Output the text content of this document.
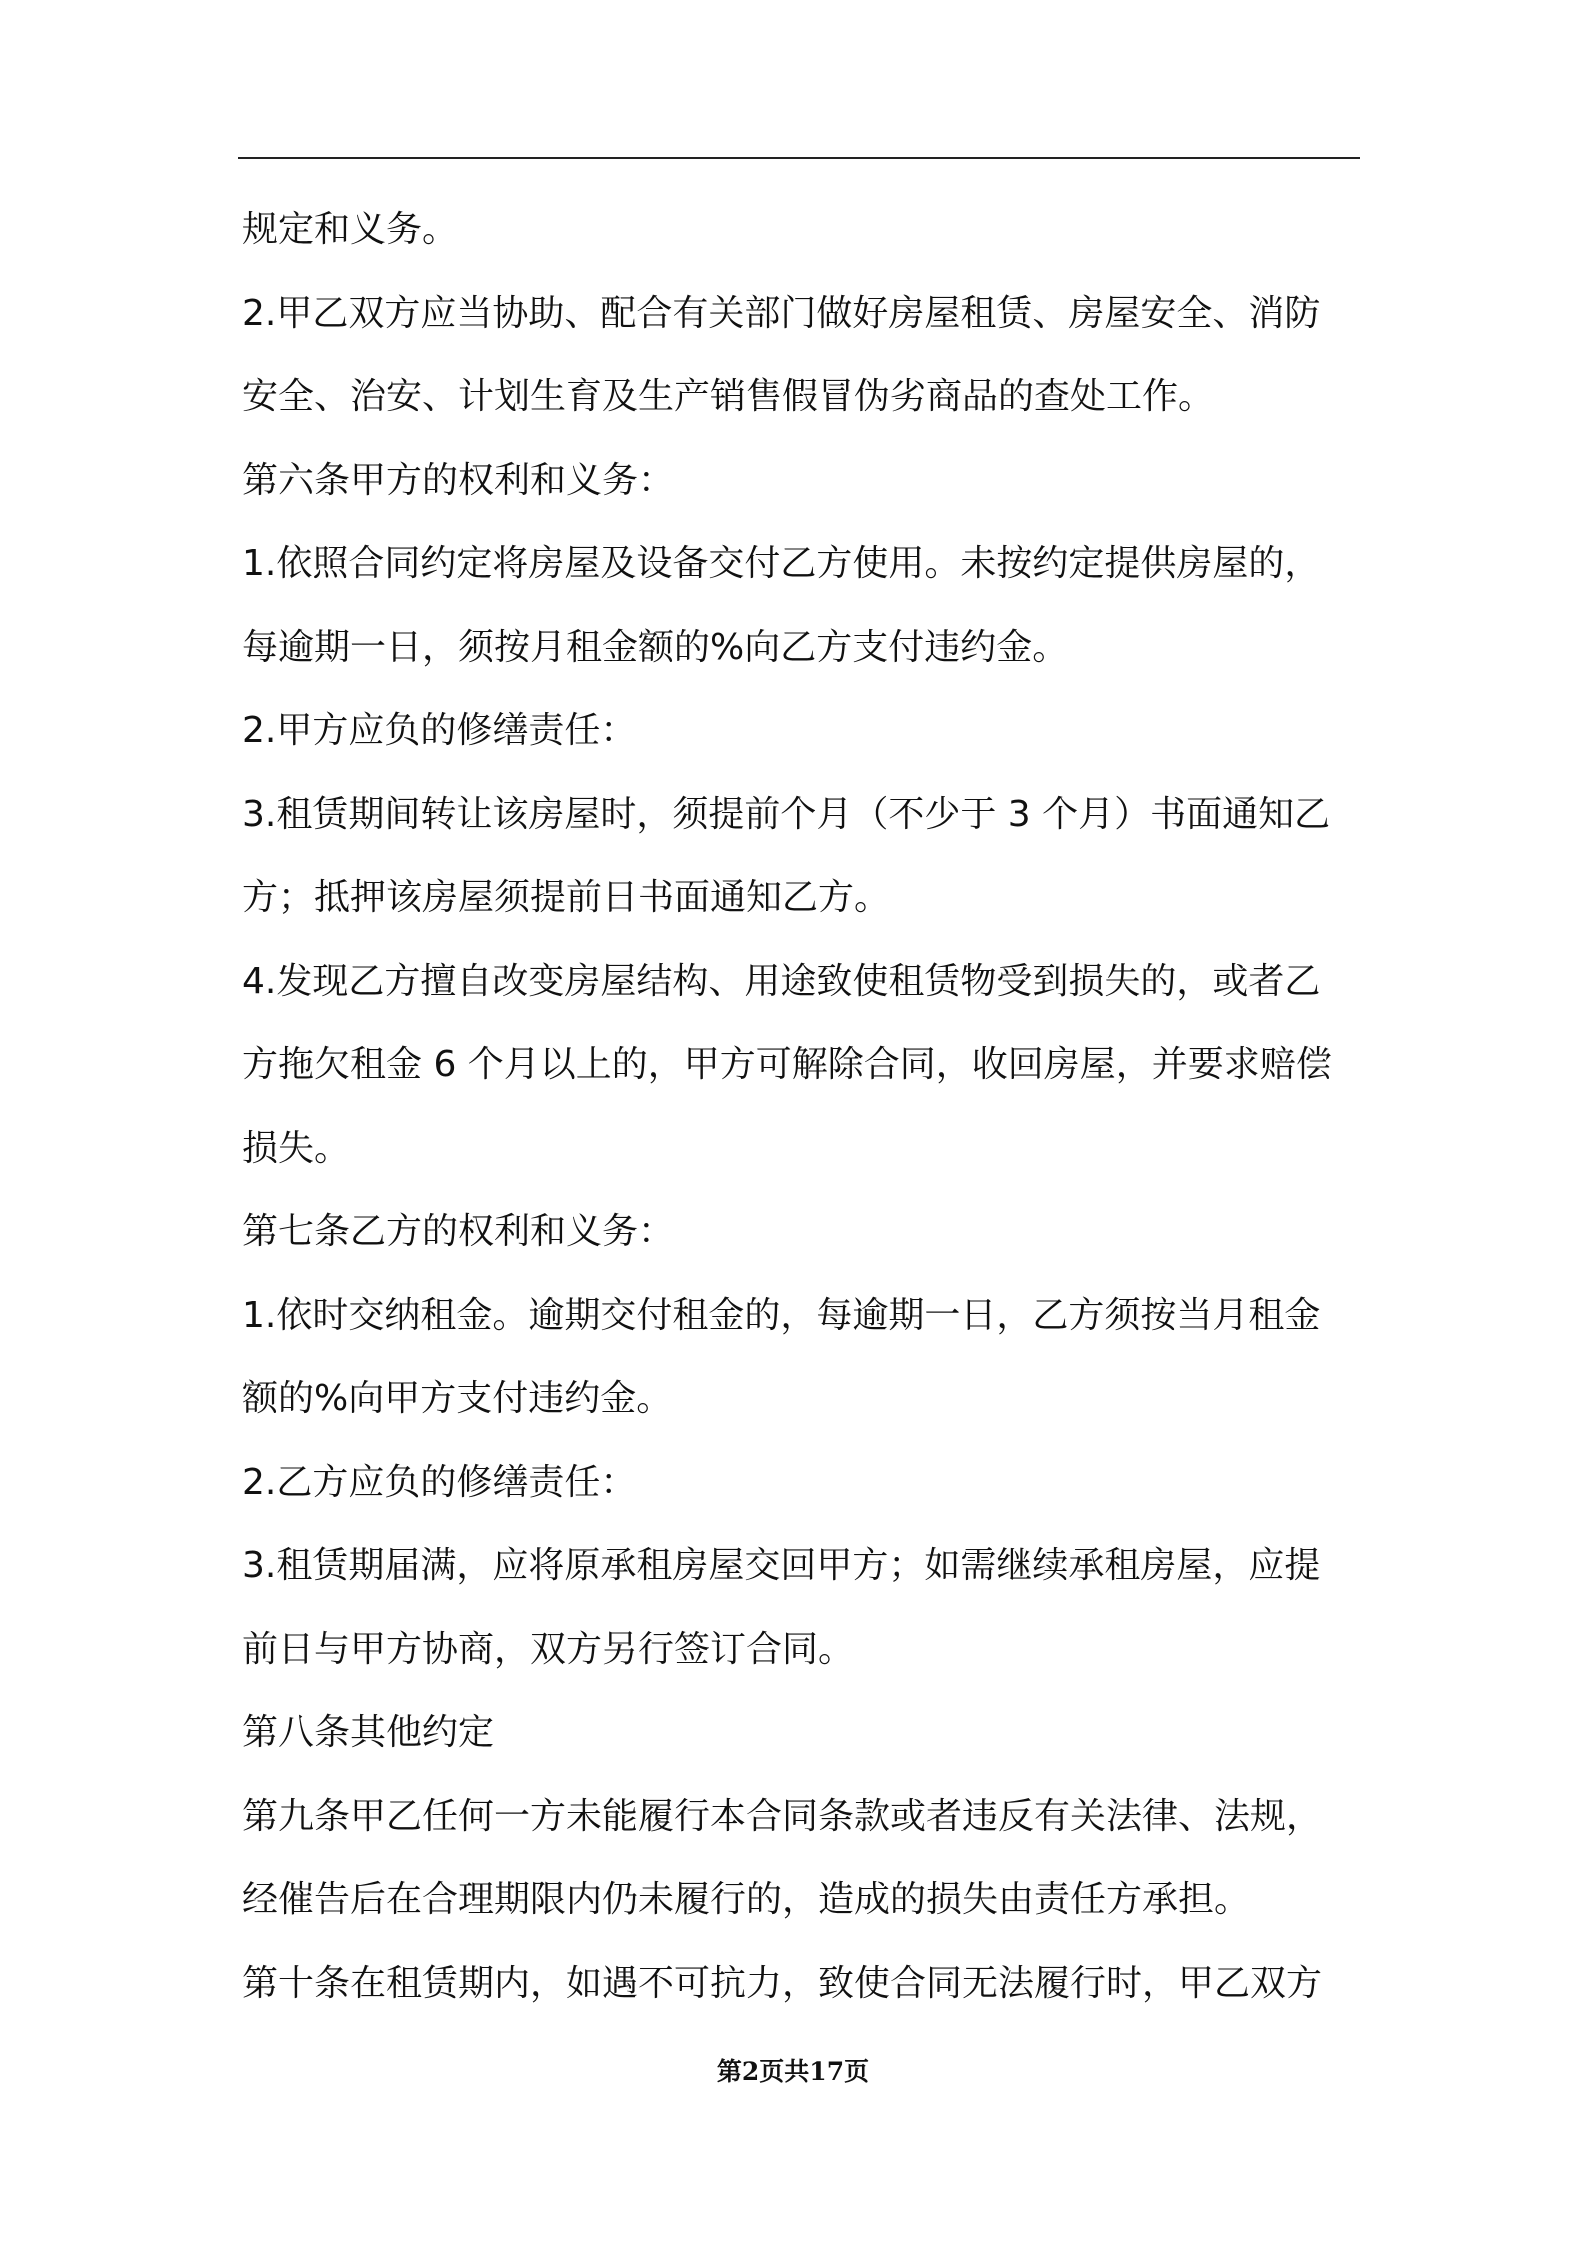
规定和义务。
2.甲乙双方应当协助、配合有关部门做好房屋租赁、房屋安全、消防
安全、治安、计划生育及生产销售假冒伪劣商品的查处工作。
第六条甲方的权利和义务：
1.依照合同约定将房屋及设备交付乙方使用。未按约定提供房屋的，
每逾期一日，须按月租金额的%向乙方支付违约金。
2.甲方应负的修缮责任：
3.租赁期间转让该房屋时，须提前个月（不少于 3 个月）书面通知乙
方；抵押该房屋须提前日书面通知乙方。
4.发现乙方擅自改变房屋结构、用途致使租赁物受到损失的，或者乙
方拖欠租金 6 个月以上的，甲方可解除合同，收回房屋，并要求赔偿
损失。
第七条乙方的权利和义务：
1.依时交纳租金。逾期交付租金的，每逾期一日，乙方须按当月租金
额的%向甲方支付违约金。
2.乙方应负的修缮责任：
3.租赁期届满，应将原承租房屋交回甲方；如需继续承租房屋，应提
前日与甲方协商，双方另行签订合同。
第八条其他约定
第九条甲乙任何一方未能履行本合同条款或者违反有关法律、法规，
经催告后在合理期限内仍未履行的，造成的损失由责任方承担。
第十条在租赁期内，如遇不可抗力，致使合同无法履行时，甲乙双方
第2页共17页
